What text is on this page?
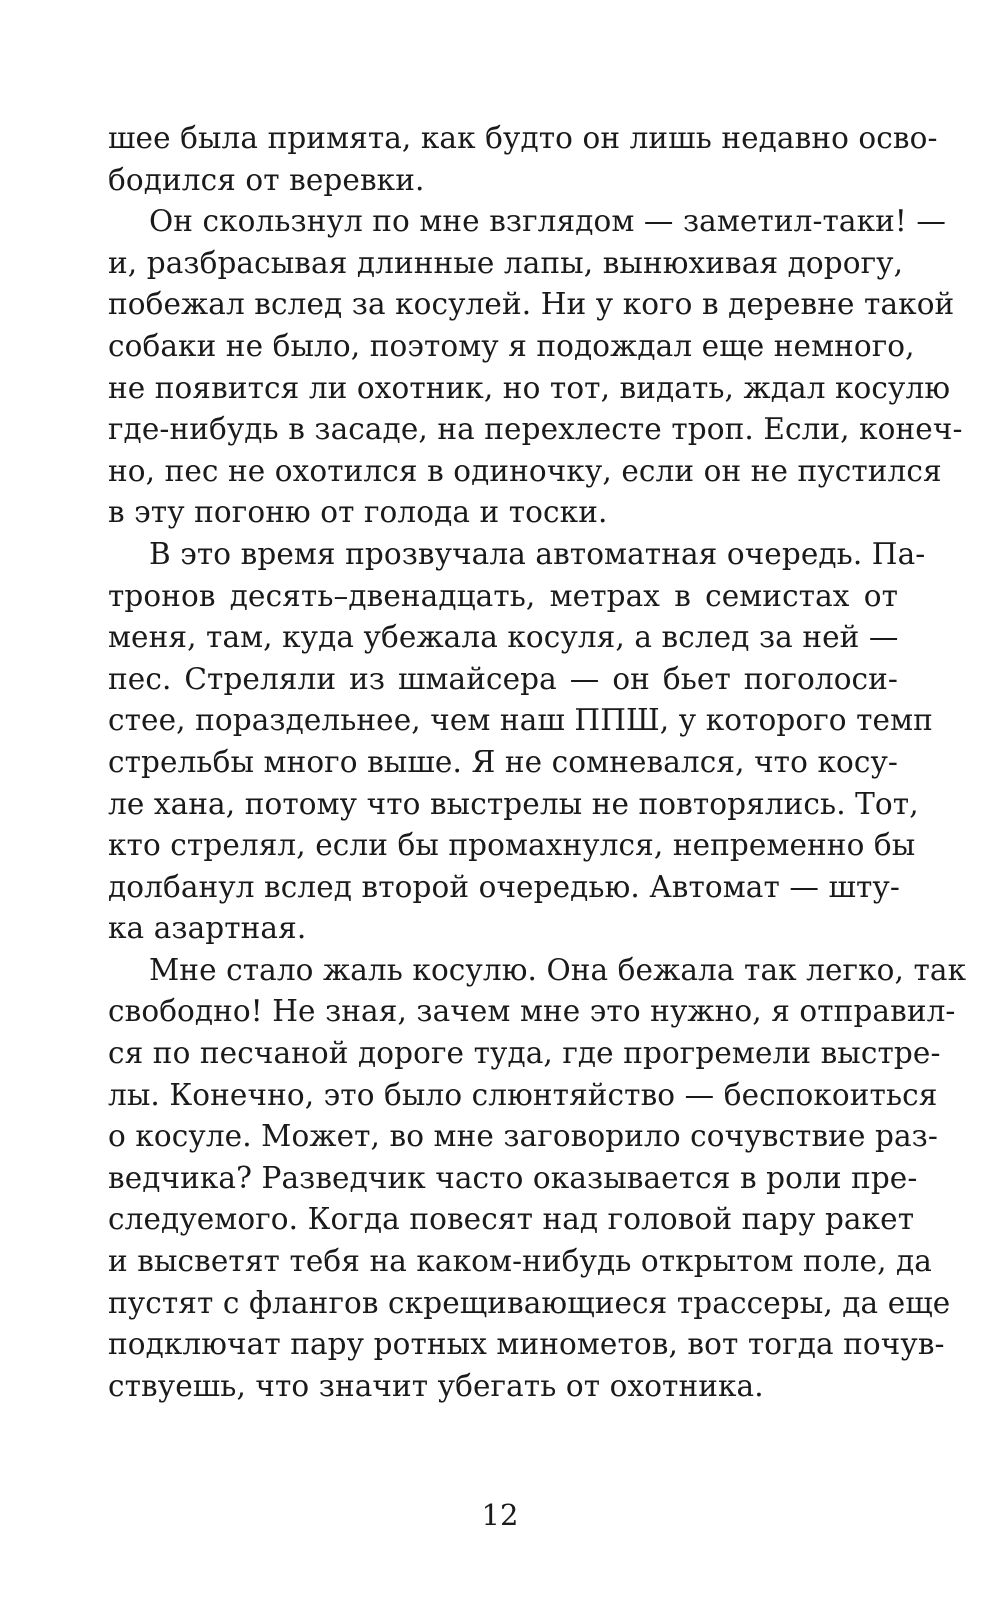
шее была примята, как будто он лишь недавно осво-
бодился от веревки.
Он скользнул по мне взглядом — заметил-таки! —
и, разбрасывая длинные лапы, вынюхивая дорогу,
побежал вслед за косулей. Ни у кого в деревне такой
собаки не было, поэтому я подождал еще немного,
не появится ли охотник, но тот, видать, ждал косулю
где-нибудь в засаде, на перехлесте троп. Если, конеч-
но, пес не охотился в одиночку, если он не пустился
в эту погоню от голода и тоски.
В это время прозвучала автоматная очередь. Па-
тронов десять–двенадцать, метрах в семистах от
меня, там, куда убежала косуля, а вслед за ней —
пес. Стреляли из шмайсера — он бьет поголоси-
стее, пораздельнее, чем наш ППШ, у которого темп
стрельбы много выше. Я не сомневался, что косу-
ле хана, потому что выстрелы не повторялись. Тот,
кто стрелял, если бы промахнулся, непременно бы
долбанул вслед второй очередью. Автомат — шту-
ка азартная.
Мне стало жаль косулю. Она бежала так легко, так
свободно! Не зная, зачем мне это нужно, я отправил-
ся по песчаной дороге туда, где прогремели выстре-
лы. Конечно, это было слюнтяйство — беспокоиться
о косуле. Может, во мне заговорило сочувствие раз-
ведчика? Разведчик часто оказывается в роли пре-
следуемого. Когда повесят над головой пару ракет
и высветят тебя на каком-нибудь открытом поле, да
пустят с флангов скрещивающиеся трассеры, да еще
подключат пару ротных минометов, вот тогда почув-
ствуешь, что значит убегать от охотника.
12
